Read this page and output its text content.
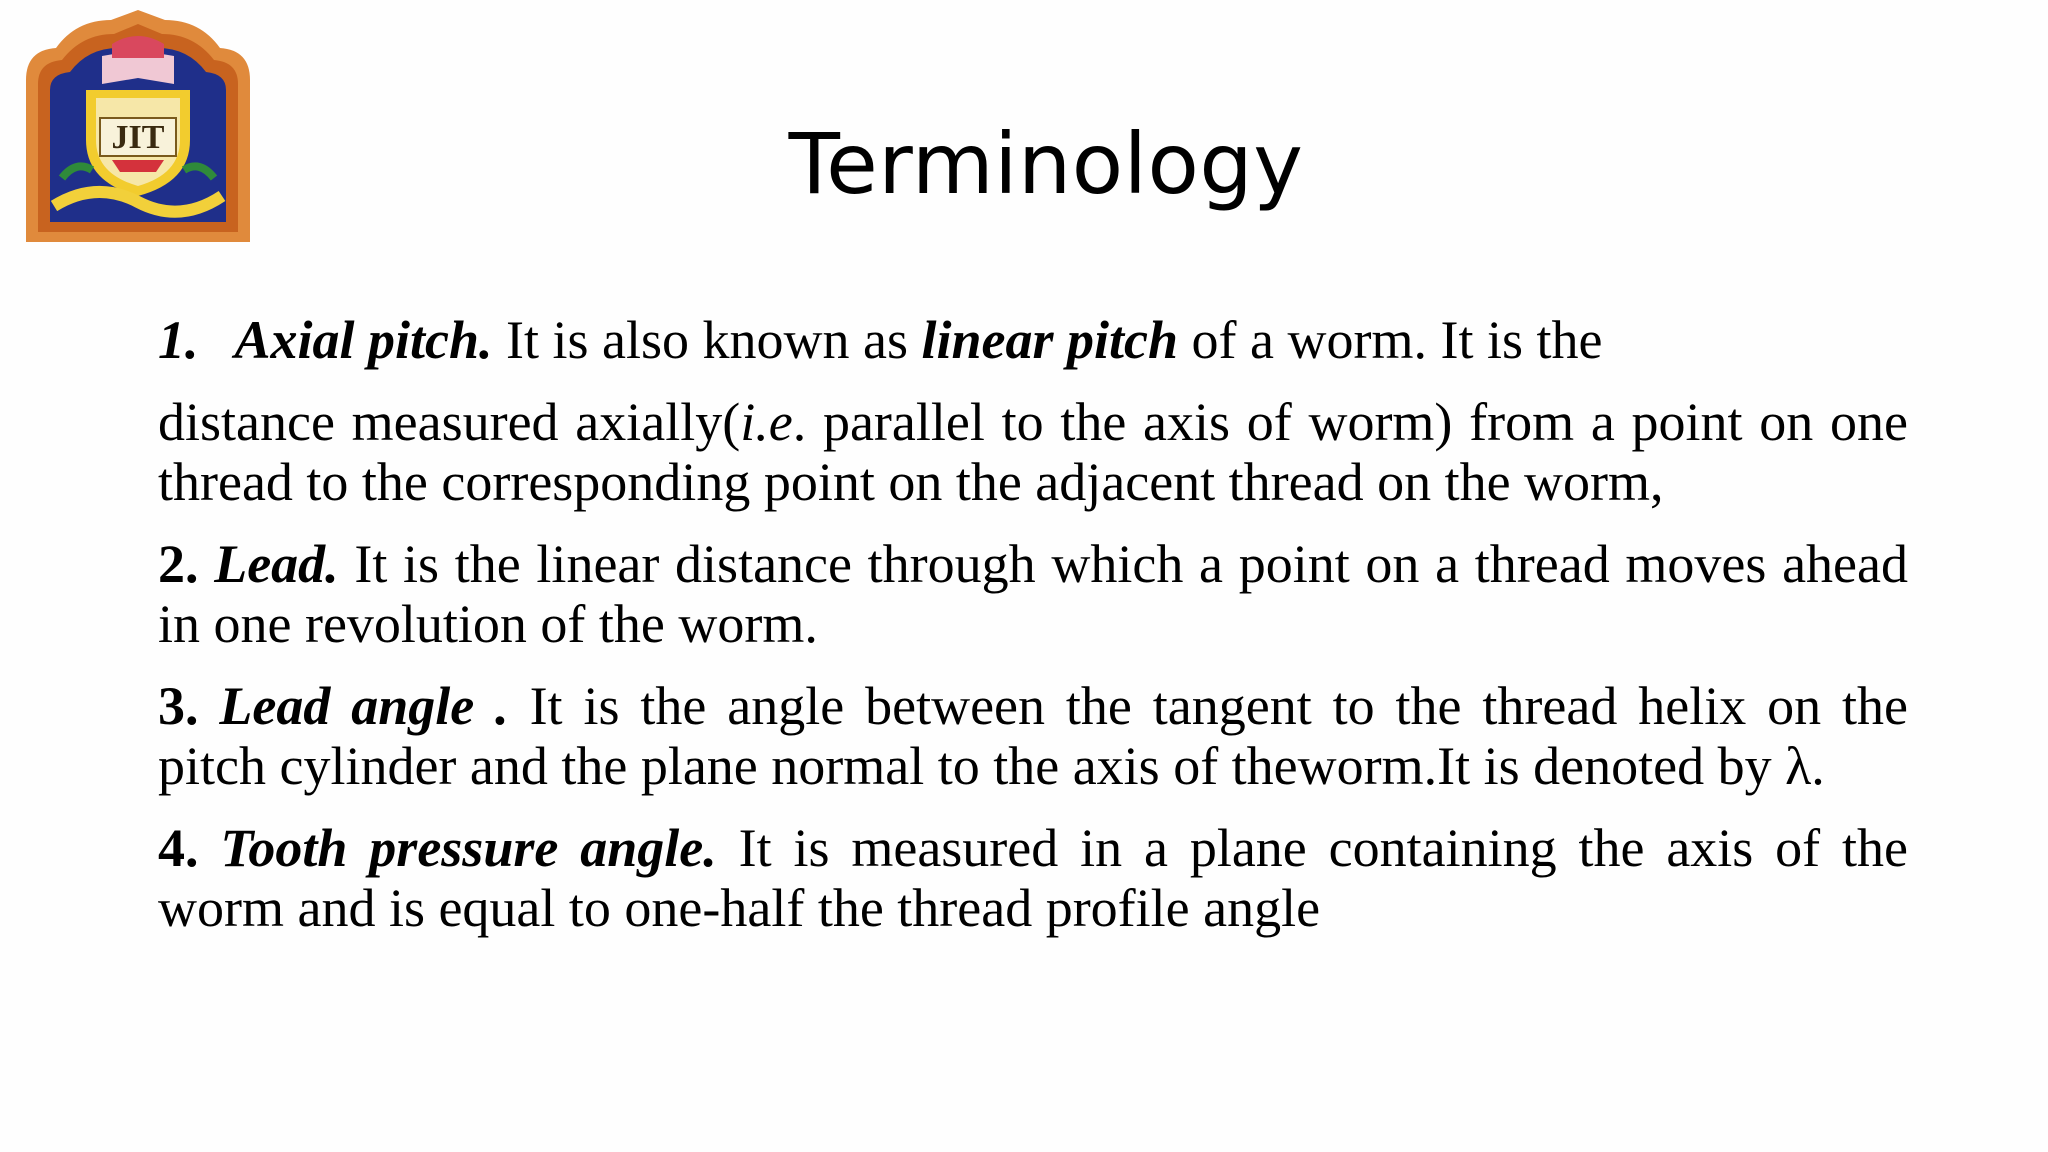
JIT	Terminology
1. Axial pitch. It is also known as linear pitch of a worm. It is the
distance measured axially(i.e. parallel to the axis of worm) from a point on one thread to the corresponding point on the adjacent thread on the worm,
2. Lead. It is the linear distance through which a point on a thread moves ahead in one revolution of the worm.
3. Lead angle . It is the angle between the tangent to the thread helix on the pitch cylinder and the plane normal to the axis of theworm.It is denoted by λ.
4. Tooth pressure angle. It is measured in a plane containing the axis of the worm and is equal to one-half the thread profile angle
